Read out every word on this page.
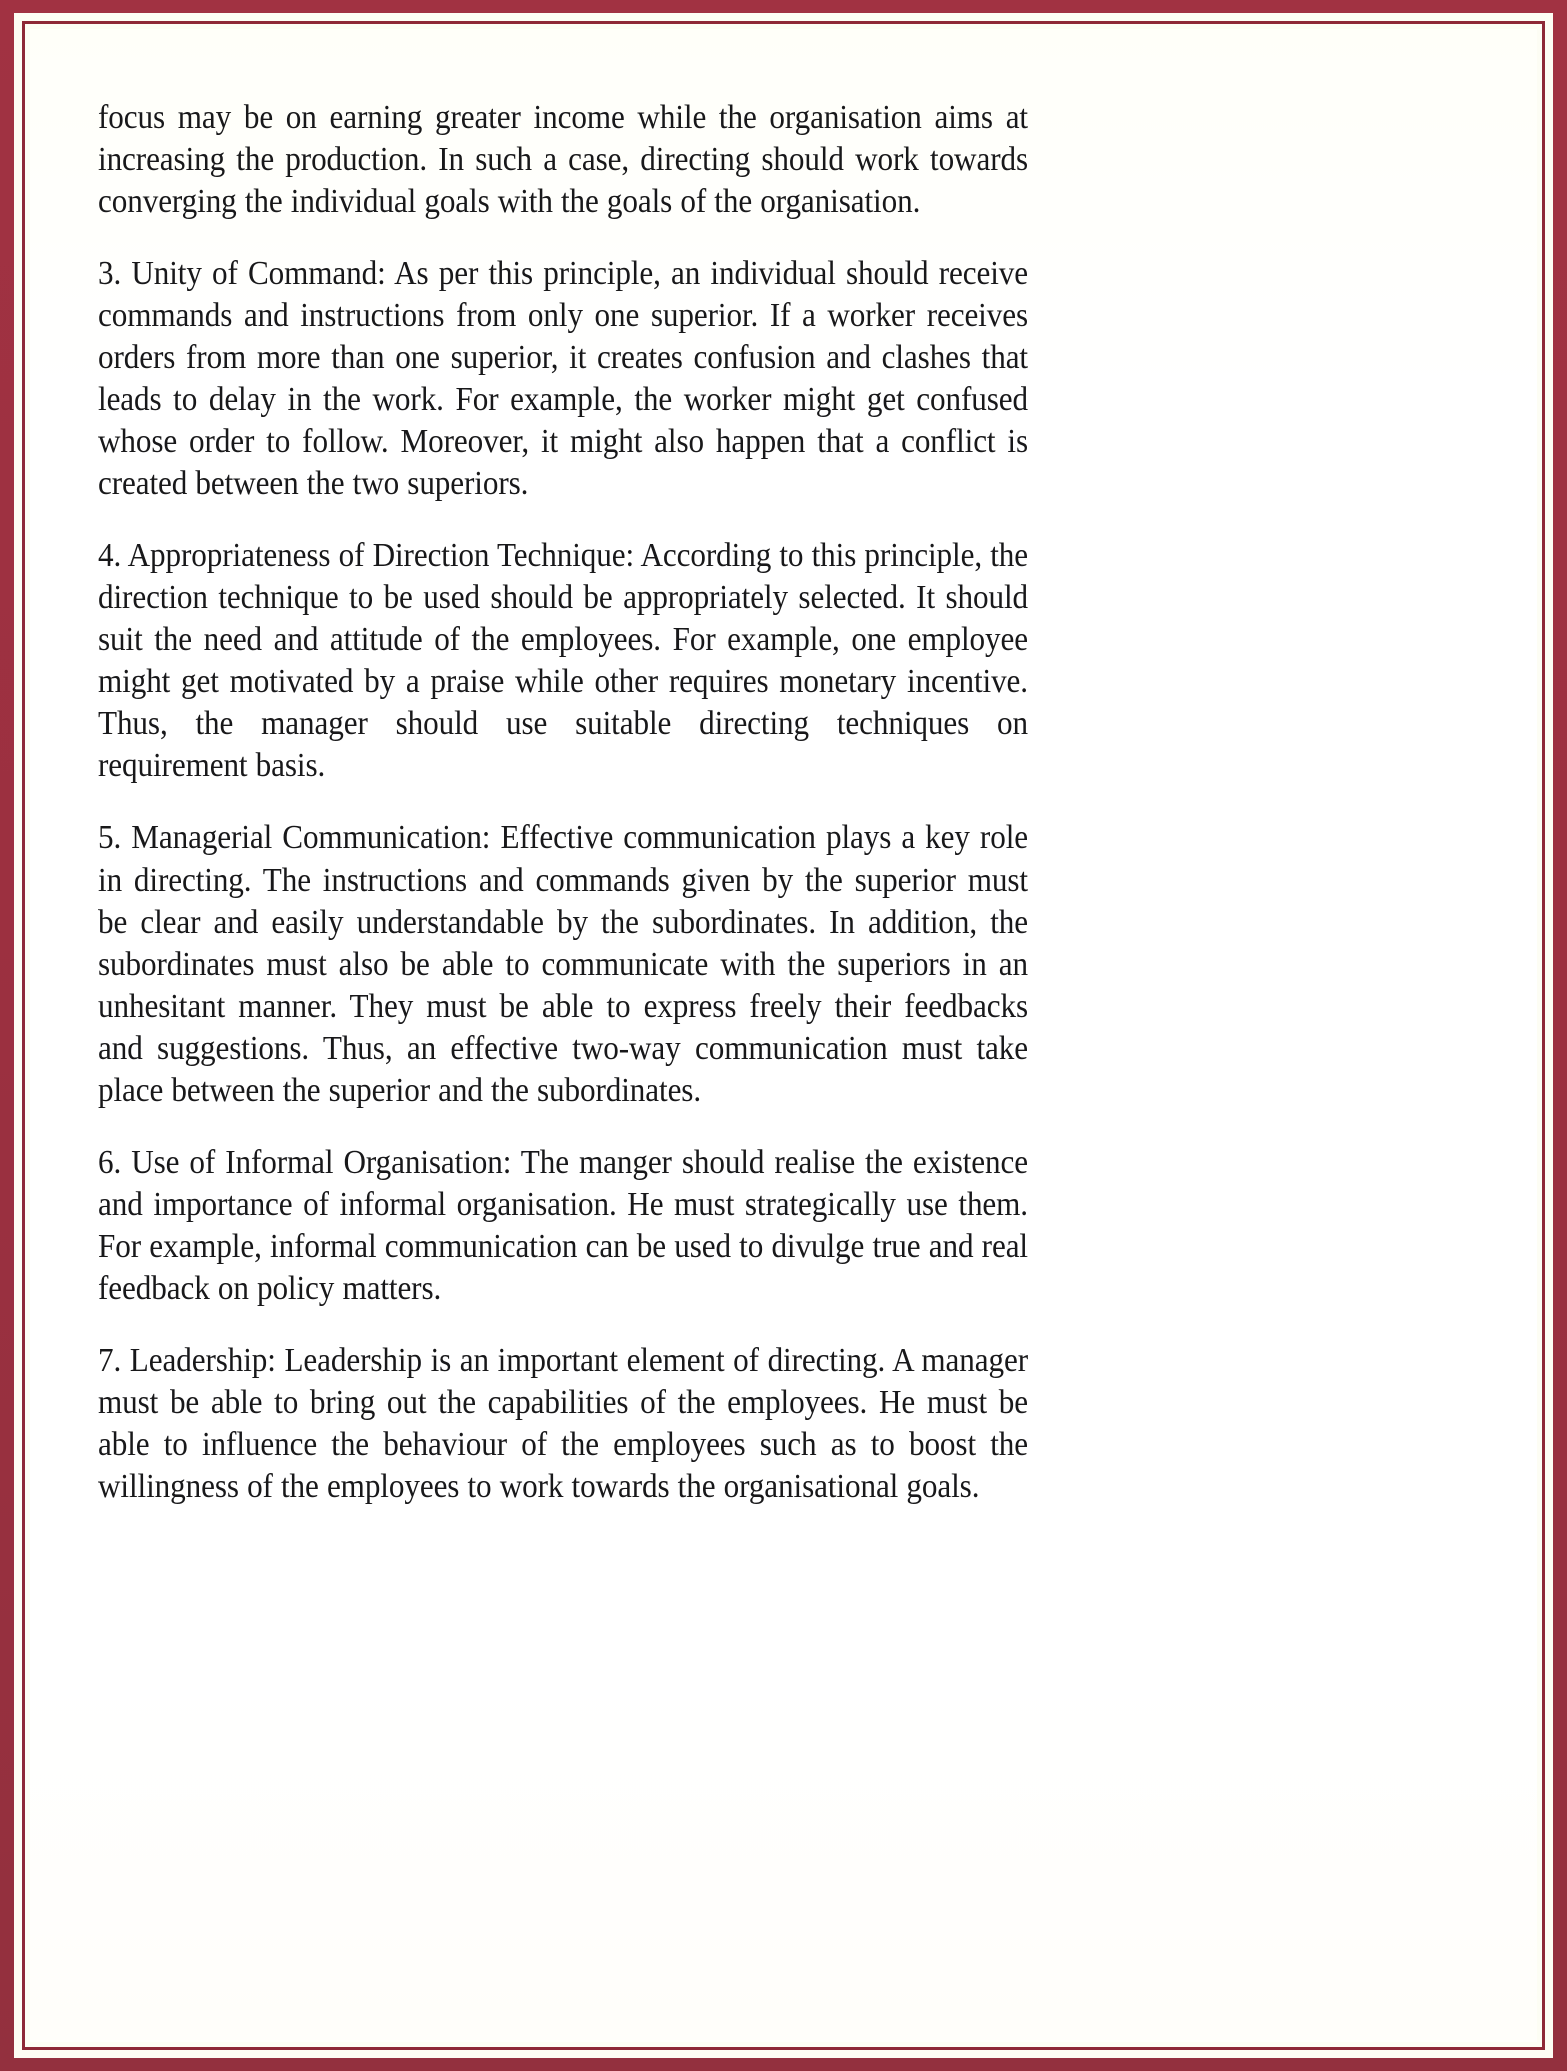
focus may be on earning greater income while the organisation aims at increasing the production. In such a case, directing should work towards converging the individual goals with the goals of the organisation.

3. Unity of Command: As per this principle, an individual should receive commands and instructions from only one superior. If a worker receives orders from more than one superior, it creates confusion and clashes that leads to delay in the work. For example, the worker might get confused whose order to follow. Moreover, it might also happen that a conflict is created between the two superiors.

4. Appropriateness of Direction Technique: According to this principle, the direction technique to be used should be appropriately selected. It should suit the need and attitude of the employees. For example, one employee might get motivated by a praise while other requires monetary incentive. Thus, the manager should use suitable directing techniques on requirement basis.

5. Managerial Communication: Effective communication plays a key role in directing. The instructions and commands given by the superior must be clear and easily understandable by the subordinates. In addition, the subordinates must also be able to communicate with the superiors in an unhesitant manner. They must be able to express freely their feedbacks and suggestions. Thus, an effective two-way communication must take place between the superior and the subordinates.

6. Use of Informal Organisation: The manger should realise the existence and importance of informal organisation. He must strategically use them. For example, informal communication can be used to divulge true and real feedback on policy matters.

7. Leadership: Leadership is an important element of directing. A manager must be able to bring out the capabilities of the employees. He must be able to influence the behaviour of the employees such as to boost the willingness of the employees to work towards the organisational goals.
